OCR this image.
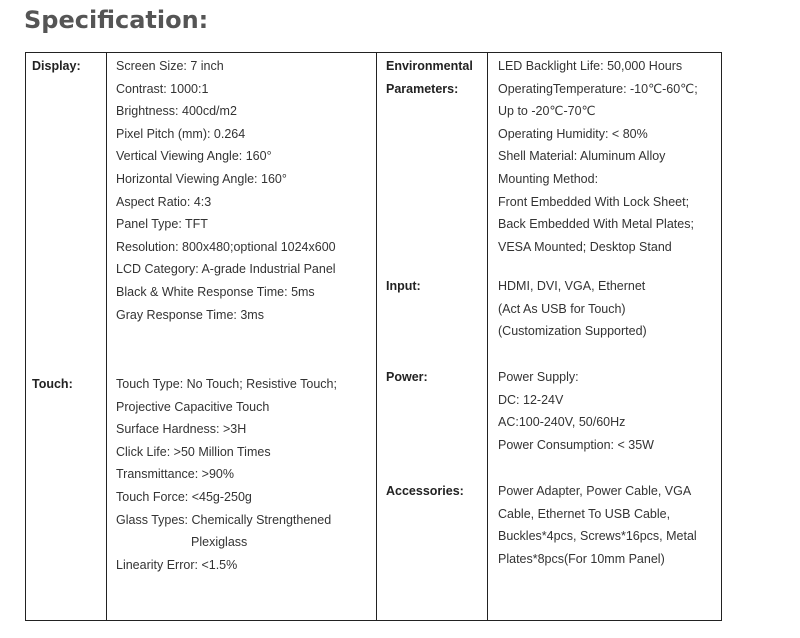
Specification:
Display:	Screen Size: 7 inch
Contrast: 1000:1
Brightness: 400cd/m2
Pixel Pitch (mm): 0.264
Vertical Viewing Angle: 160°
Horizontal Viewing Angle: 160°
Aspect Ratio: 4:3
Panel Type: TFT
Resolution: 800x480;optional 1024x600
LCD Category: A-grade Industrial Panel
Black & White Response Time: 5ms
Gray Response Time: 3ms
Touch:	Touch Type: No Touch; Resistive Touch;
Projective Capacitive Touch
Surface Hardness: >3H
Click Life: >50 Million Times
Transmittance: >90%
Touch Force: <45g-250g
Glass Types: Chemically Strengthened
Plexiglass
Linearity Error: <1.5%
Environmental
Parameters:
LED Backlight Life: 50,000 Hours
OperatingTemperature: -10℃-60℃;
Up to -20℃-70℃
Operating Humidity: < 80%
Shell Material: Aluminum Alloy
Mounting Method:
Front Embedded With Lock Sheet;
Back Embedded With Metal Plates;
VESA Mounted; Desktop Stand
Input:	HDMI, DVI, VGA, Ethernet
(Act As USB for Touch)
(Customization Supported)
Power:	Power Supply:
DC: 12-24V
AC:100-240V, 50/60Hz
Power Consumption: < 35W
Accessories:	Power Adapter, Power Cable, VGA
Cable, Ethernet To USB Cable,
Buckles*4pcs, Screws*16pcs, Metal
Plates*8pcs(For 10mm Panel)
